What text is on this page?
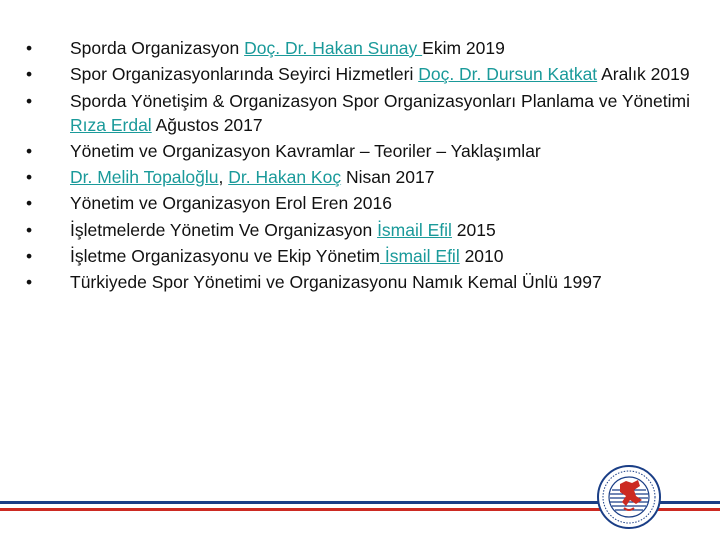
• Sporda Organizasyon Doç. Dr. Hakan Sunay Ekim 2019
• Spor Organizasyonlarında Seyirci Hizmetleri Doç. Dr. Dursun Katkat Aralık 2019
• Sporda Yönetişim & Organizasyon Spor Organizasyonları Planlama ve Yönetimi Rıza Erdal Ağustos 2017
• Yönetim ve Organizasyon Kavramlar – Teoriler – Yaklaşımlar
• Dr. Melih Topaloğlu, Dr. Hakan Koç Nisan 2017
• Yönetim ve Organizasyon Erol Eren 2016
• İşletmelerde Yönetim Ve Organizasyon İsmail Efil 2015
• İşletme Organizasyonu ve Ekip Yönetim İsmail Efil 2010
• Türkiyede Spor Yönetimi ve Organizasyonu Namık Kemal Ünlü 1997
